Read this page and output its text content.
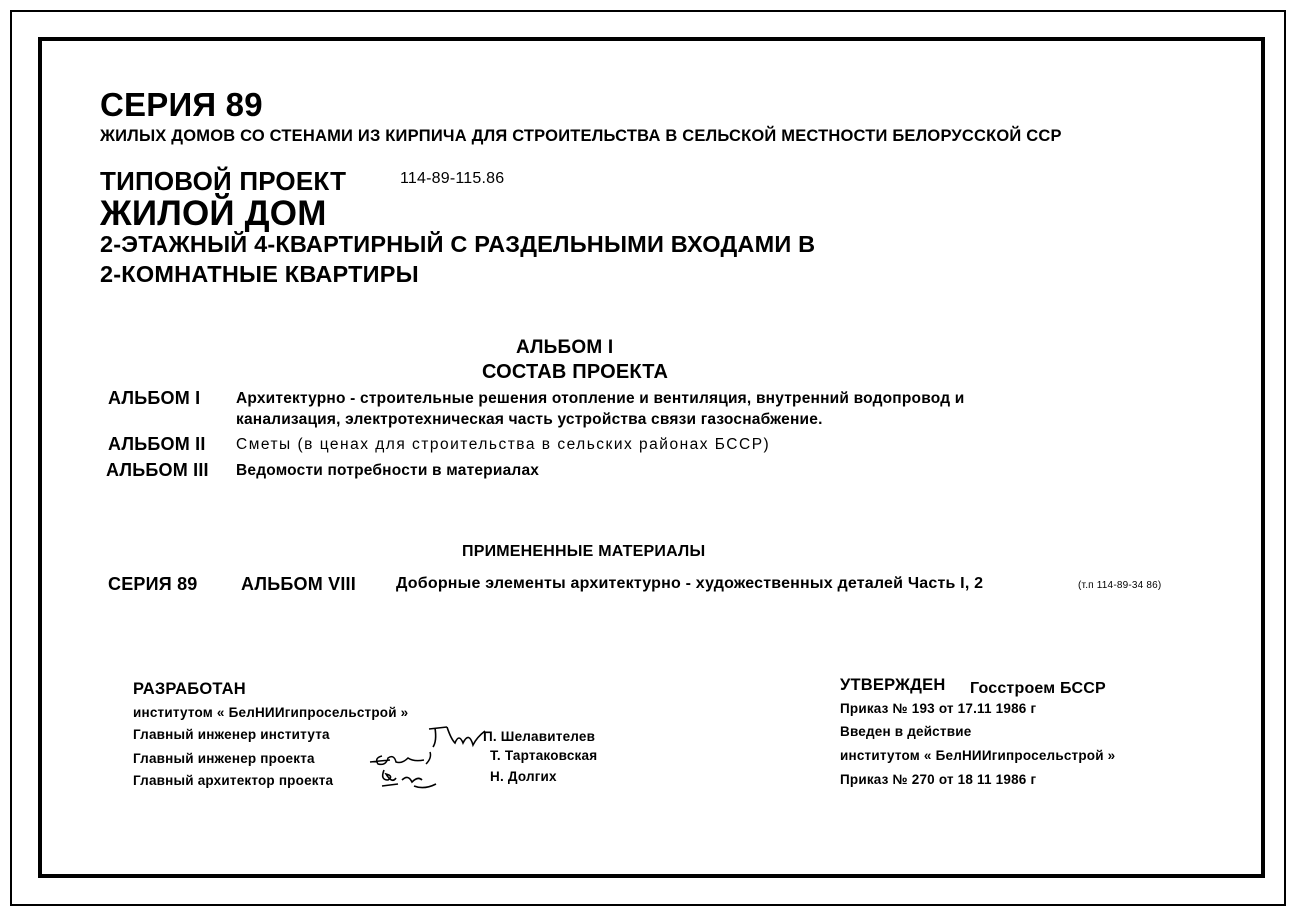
СЕРИЯ 89
ЖИЛЫХ ДОМОВ СО СТЕНАМИ ИЗ КИРПИЧА ДЛЯ СТРОИТЕЛЬСТВА В СЕЛЬСКОЙ МЕСТНОСТИ БЕЛОРУССКОЙ ССР
ТИПОВОЙ ПРОЕКТ	114-89-115.86
ЖИЛОЙ ДОМ
2-ЭТАЖНЫЙ 4-КВАРТИРНЫЙ С РАЗДЕЛЬНЫМИ ВХОДАМИ В
2-КОМНАТНЫЕ КВАРТИРЫ
АЛЬБОМ I
СОСТАВ ПРОЕКТА
АЛЬБОМ I Архитектурно - строительные решения отопление и вентиляция, внутренний водопровод и
канализация, электротехническая часть устройства связи газоснабжение.
АЛЬБОМ II Сметы (в ценах для строительства в сельских районах БССР)
АЛЬБОМ III Ведомости потребности в материалах
ПРИМЕНЕННЫЕ МАТЕРИАЛЫ
СЕРИЯ 89 АЛЬБОМ VIII	Доборные элементы архитектурно - художественных деталей Часть I, 2	(т.п 114-89-34 86)
РАЗРАБОТАН
институтом « БелНИИгипросельстрой »
Главный инженер института
Главный инженер проекта
Главный архитектор проекта
П. Шелавителев
Т. Тартаковская
Н. Долгих
УТВЕРЖДЕН Госстроем БССР
Приказ № 193 от 17.11 1986 г
Введен в действие
институтом « БелНИИгипросельстрой »
Приказ № 270 от 18 11 1986 г
